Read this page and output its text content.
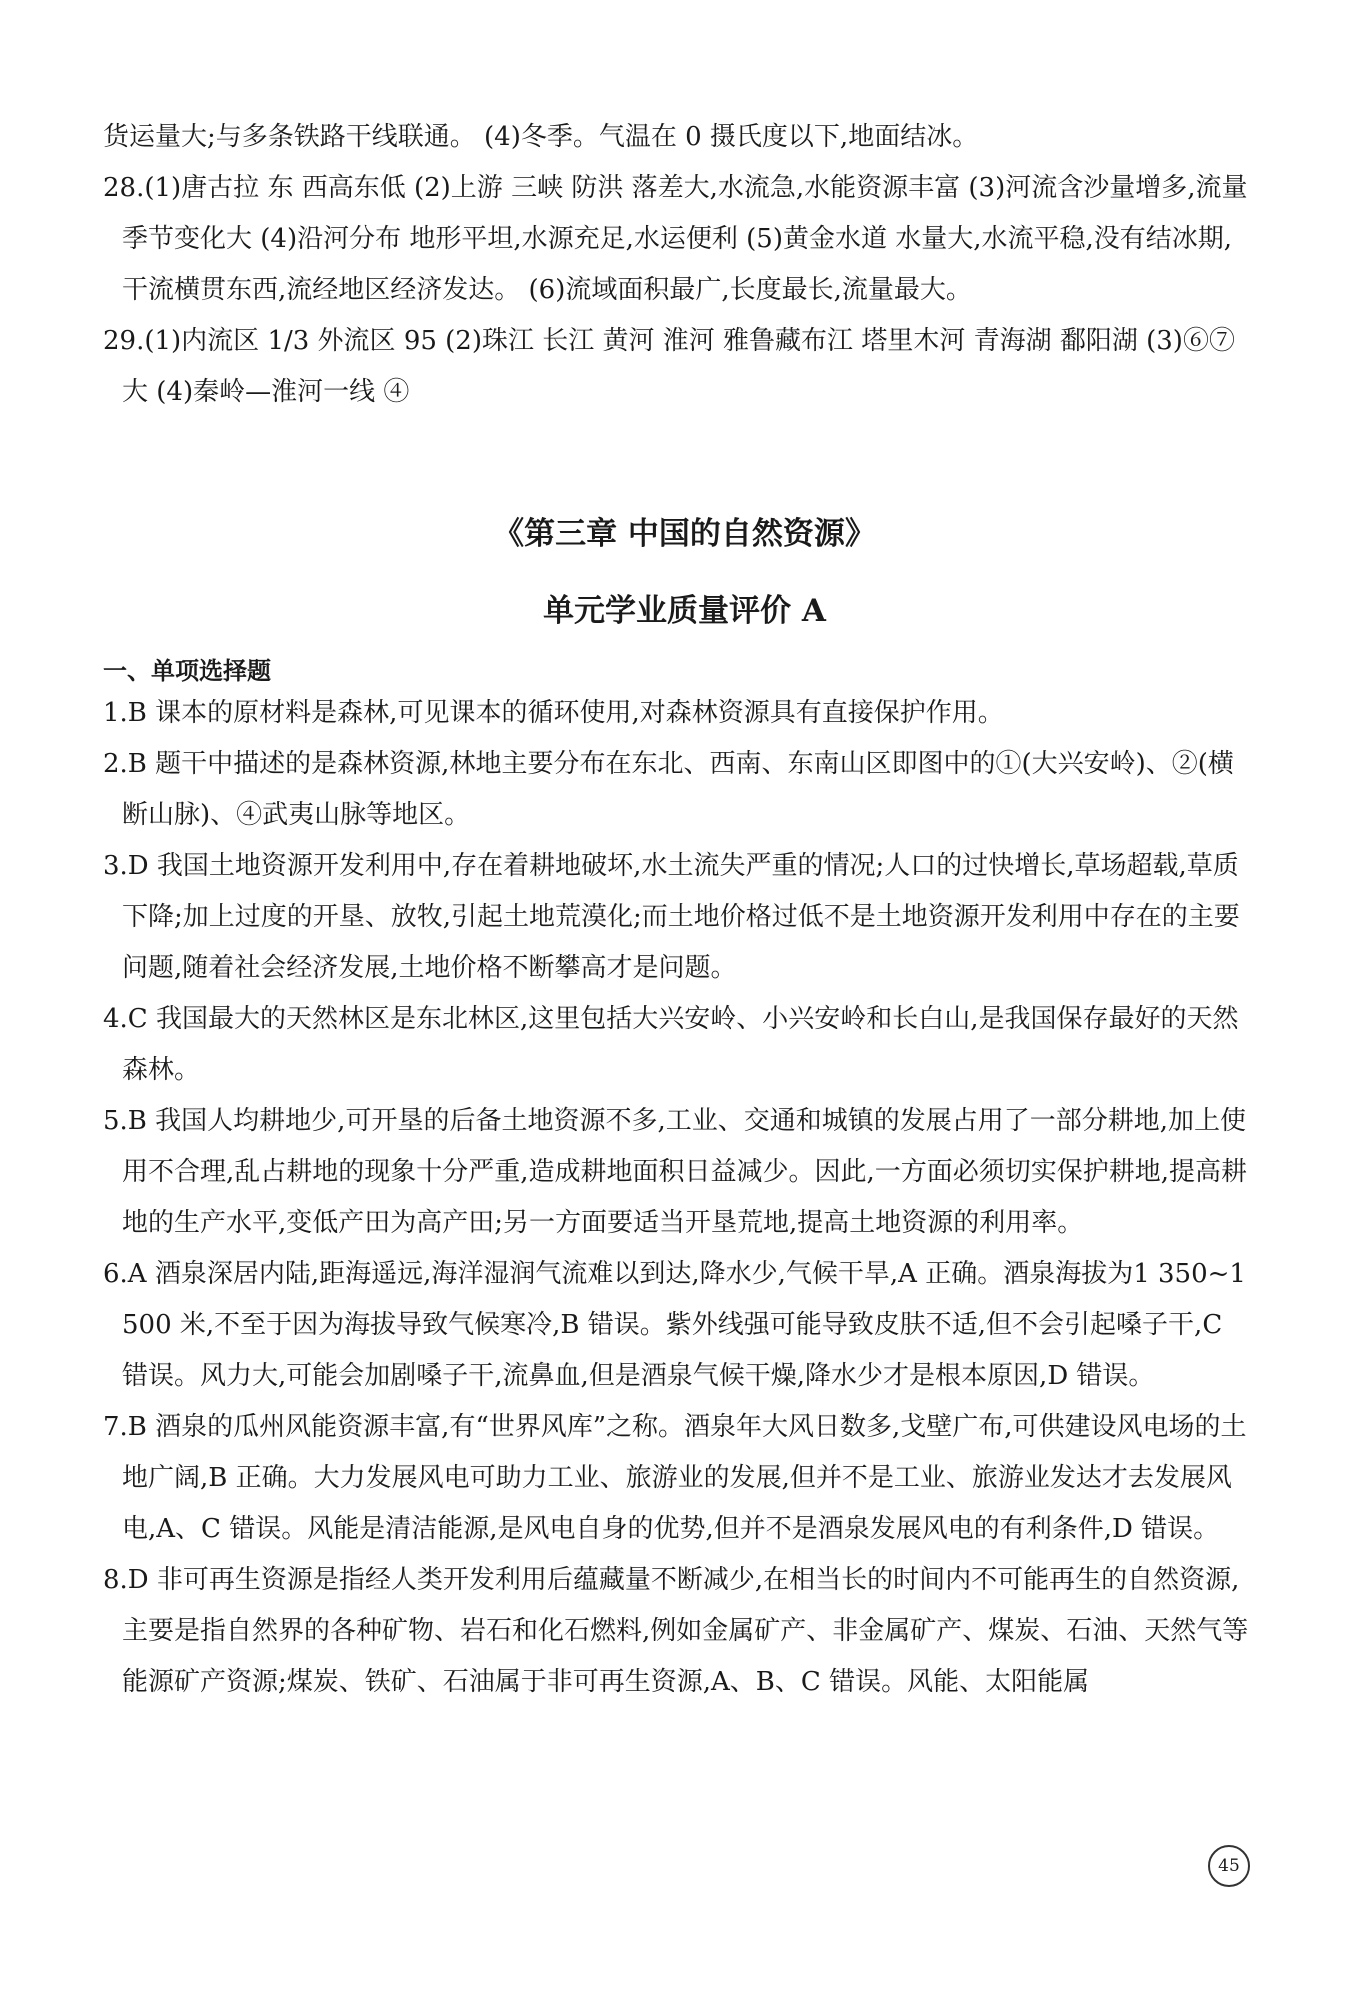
货运量大;与多条铁路干线联通。 (4)冬季。气温在 0 摄氏度以下,地面结冰。

28.(1)唐古拉 东 西高东低 (2)上游 三峡 防洪 落差大,水流急,水能资源丰富 (3)河流含沙量增多,流量季节变化大 (4)沿河分布 地形平坦,水源充足,水运便利 (5)黄金水道 水量大,水流平稳,没有结冰期,干流横贯东西,流经地区经济发达。 (6)流域面积最广,长度最长,流量最大。

29.(1)内流区 1/3 外流区 95 (2)珠江 长江 黄河 淮河 雅鲁藏布江 塔里木河 青海湖 鄱阳湖 (3)⑥⑦ 大 (4)秦岭—淮河一线 ④

《第三章 中国的自然资源》
单元学业质量评价 A
一、单项选择题

1.B 课本的原材料是森林,可见课本的循环使用,对森林资源具有直接保护作用。

2.B 题干中描述的是森林资源,林地主要分布在东北、西南、东南山区即图中的①(大兴安岭)、②(横断山脉)、④武夷山脉等地区。

3.D 我国土地资源开发利用中,存在着耕地破坏,水土流失严重的情况;人口的过快增长,草场超载,草质下降;加上过度的开垦、放牧,引起土地荒漠化;而土地价格过低不是土地资源开发利用中存在的主要问题,随着社会经济发展,土地价格不断攀高才是问题。

4.C 我国最大的天然林区是东北林区,这里包括大兴安岭、小兴安岭和长白山,是我国保存最好的天然森林。

5.B 我国人均耕地少,可开垦的后备土地资源不多,工业、交通和城镇的发展占用了一部分耕地,加上使用不合理,乱占耕地的现象十分严重,造成耕地面积日益减少。因此,一方面必须切实保护耕地,提高耕地的生产水平,变低产田为高产田;另一方面要适当开垦荒地,提高土地资源的利用率。

6.A 酒泉深居内陆,距海遥远,海洋湿润气流难以到达,降水少,气候干旱,A 正确。酒泉海拔为1 350~1 500 米,不至于因为海拔导致气候寒冷,B 错误。紫外线强可能导致皮肤不适,但不会引起嗓子干,C 错误。风力大,可能会加剧嗓子干,流鼻血,但是酒泉气候干燥,降水少才是根本原因,D 错误。

7.B 酒泉的瓜州风能资源丰富,有“世界风库”之称。酒泉年大风日数多,戈壁广布,可供建设风电场的土地广阔,B 正确。大力发展风电可助力工业、旅游业的发展,但并不是工业、旅游业发达才去发展风电,A、C 错误。风能是清洁能源,是风电自身的优势,但并不是酒泉发展风电的有利条件,D 错误。

8.D 非可再生资源是指经人类开发利用后蕴藏量不断减少,在相当长的时间内不可能再生的自然资源,主要是指自然界的各种矿物、岩石和化石燃料,例如金属矿产、非金属矿产、煤炭、石油、天然气等能源矿产资源;煤炭、铁矿、石油属于非可再生资源,A、B、C 错误。风能、太阳能属

45
